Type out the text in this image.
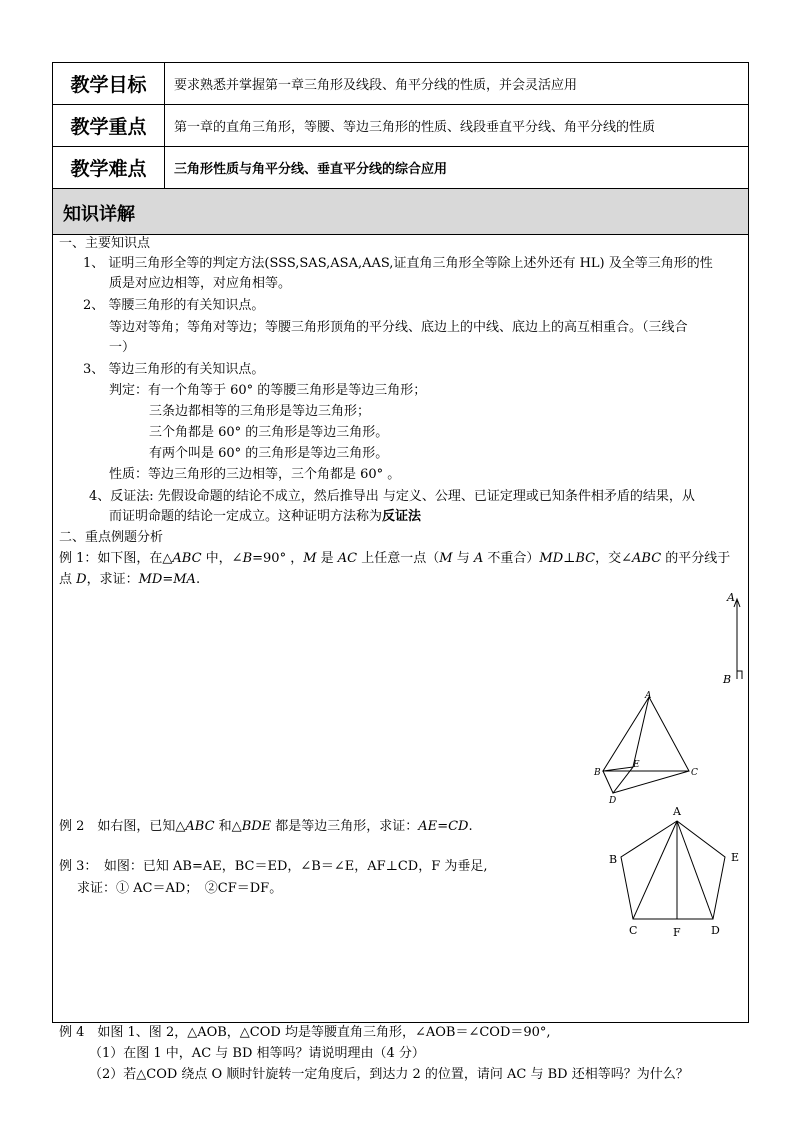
教学目标	要求熟悉并掌握第一章三角形及线段、角平分线的性质，并会灵活应用
教学重点	第一章的直角三角形，等腰、等边三角形的性质、线段垂直平分线、角平分线的性质
教学难点	三角形性质与角平分线、垂直平分线的综合应用
知识详解
一、主要知识点
1、 证明三角形全等的判定方法(SSS,SAS,ASA,AAS,证直角三角形全等除上述外还有 HL) 及全等三角形的性
质是对应边相等，对应角相等。
2、 等腰三角形的有关知识点。
等边对等角；等角对等边；等腰三角形顶角的平分线、底边上的中线、底边上的高互相重合。（三线合
一）
3、 等边三角形的有关知识点。
判定：有一个角等于 60° 的等腰三角形是等边三角形；
三条边都相等的三角形是等边三角形；
三个角都是 60° 的三角形是等边三角形。
有两个叫是 60° 的三角形是等边三角形。
性质：等边三角形的三边相等，三个角都是 60° 。
4、反证法: 先假设命题的结论不成立，然后推导出 与定义、公理、已证定理或已知条件相矛盾的结果，从
而证明命题的结论一定成立。这种证明方法称为反证法
二、重点例题分析
例 1：如下图，在△ABC 中，∠B=90° ，M 是 AC 上任意一点（M 与 A 不重合）MD⊥BC，交∠ABC 的平分线于
点 D，求证：MD=MA.
例 2　如右图，已知△ABC 和△BDE 都是等边三角形，求证：AE=CD.
例 3：　如图：已知 AB=AE，BC＝ED，∠B＝∠E，AF⊥CD，F 为垂足,
求证：① AC＝AD；　②CF＝DF。
例 4　如图 1、图 2，△AOB，△COD 均是等腰直角三角形，∠AOB＝∠COD＝90°,
（1）在图 1 中，AC 与 BD 相等吗？请说明理由（4 分）
（2）若△COD 绕点 O 顺时针旋转一定角度后，到达力 2 的位置，请问 AC 与 BD 还相等吗？为什么？
A
B
A
B	C
D
E
A
B
C	D
E
F
